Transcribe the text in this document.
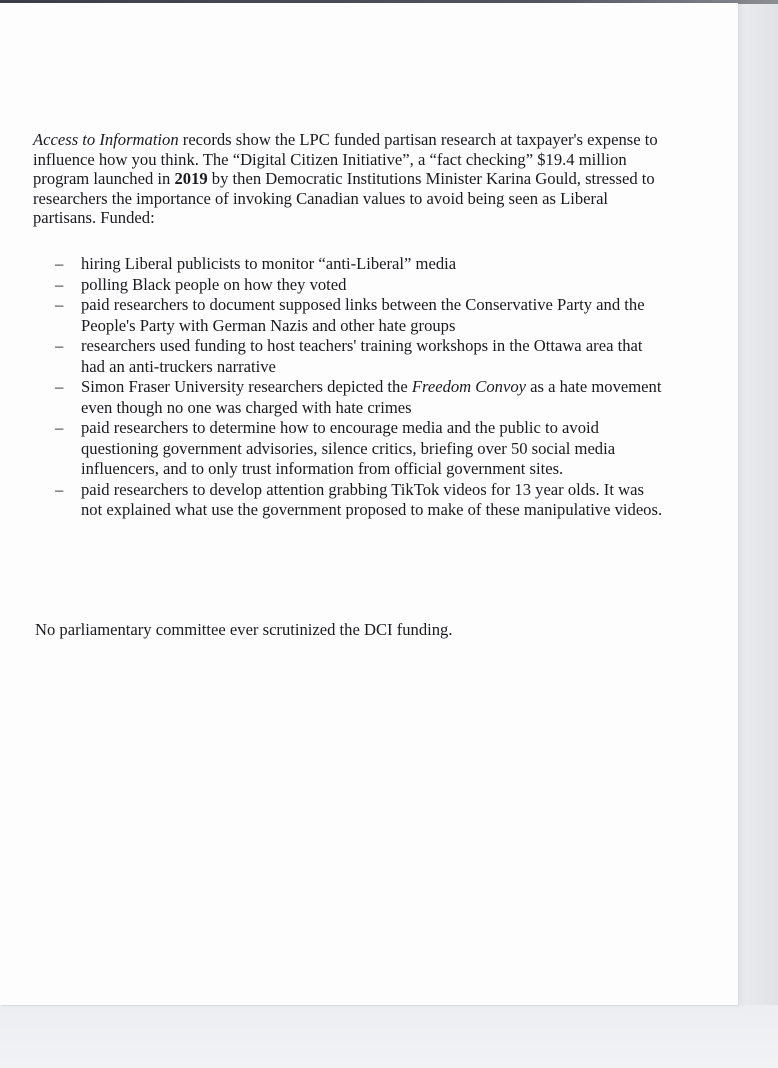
Access to Information records show the LPC funded partisan research at taxpayer's expense to influence how you think. The “Digital Citizen Initiative”, a “fact checking” $19.4 million program launched in 2019 by then Democratic Institutions Minister Karina Gould, stressed to researchers the importance of invoking Canadian values to avoid being seen as Liberal partisans. Funded:

– hiring Liberal publicists to monitor “anti-Liberal” media
– polling Black people on how they voted
– paid researchers to document supposed links between the Conservative Party and the People's Party with German Nazis and other hate groups
– researchers used funding to host teachers' training workshops in the Ottawa area that had an anti-truckers narrative
– Simon Fraser University researchers depicted the Freedom Convoy as a hate movement even though no one was charged with hate crimes
– paid researchers to determine how to encourage media and the public to avoid questioning government advisories, silence critics, briefing over 50 social media influencers, and to only trust information from official government sites.
– paid researchers to develop attention grabbing TikTok videos for 13 year olds. It was not explained what use the government proposed to make of these manipulative videos.

No parliamentary committee ever scrutinized the DCI funding.
